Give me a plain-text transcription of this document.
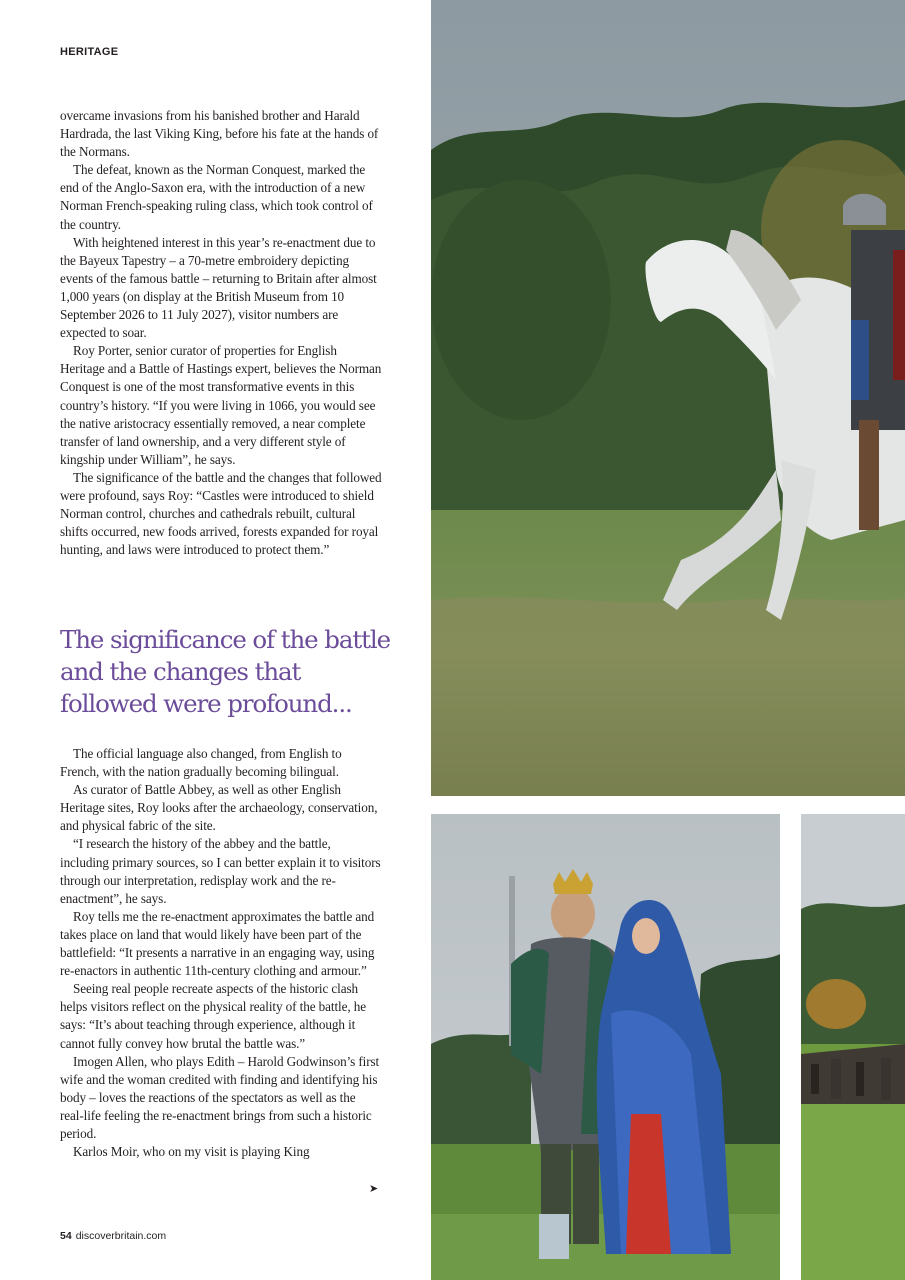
HERITAGE

overcame invasions from his banished brother and Harald Hardrada, the last Viking King, before his fate at the hands of the Normans.

The defeat, known as the Norman Conquest, marked the end of the Anglo-Saxon era, with the introduction of a new Norman French-speaking ruling class, which took control of the country.

With heightened interest in this year’s re-enactment due to the Bayeux Tapestry – a 70-metre embroidery depicting events of the famous battle – returning to Britain after almost 1,000 years (on display at the British Museum from 10 September 2026 to 11 July 2027), visitor numbers are expected to soar.

Roy Porter, senior curator of properties for English Heritage and a Battle of Hastings expert, believes the Norman Conquest is one of the most transformative events in this country’s history. “If you were living in 1066, you would see the native aristocracy essentially removed, a near complete transfer of land ownership, and a very different style of kingship under William”, he says.

The significance of the battle and the changes that followed were profound, says Roy: “Castles were introduced to shield Norman control, churches and cathedrals rebuilt, cultural shifts occurred, new foods arrived, forests expanded for royal hunting, and laws were introduced to protect them.”

The significance of the battle and the changes that followed were profound...

The official language also changed, from English to French, with the nation gradually becoming bilingual.

As curator of Battle Abbey, as well as other English Heritage sites, Roy looks after the archaeology, conservation, and physical fabric of the site.

“I research the history of the abbey and the battle, including primary sources, so I can better explain it to visitors through our interpretation, redisplay work and the re-enactment”, he says.

Roy tells me the re-enactment approximates the battle and takes place on land that would likely have been part of the battlefield: “It presents a narrative in an engaging way, using re-enactors in authentic 11th-century clothing and armour.”

Seeing real people recreate aspects of the historic clash helps visitors reflect on the physical reality of the battle, he says: “It’s about teaching through experience, although it cannot fully convey how brutal the battle was.”

Imogen Allen, who plays Edith – Harold Godwinson’s first wife and the woman credited with finding and identifying his body – loves the reactions of the spectators as well as the real-life feeling the re-enactment brings from such a historic period.

Karlos Moir, who on my visit is playing King

➤
54 discoverbritain.com
